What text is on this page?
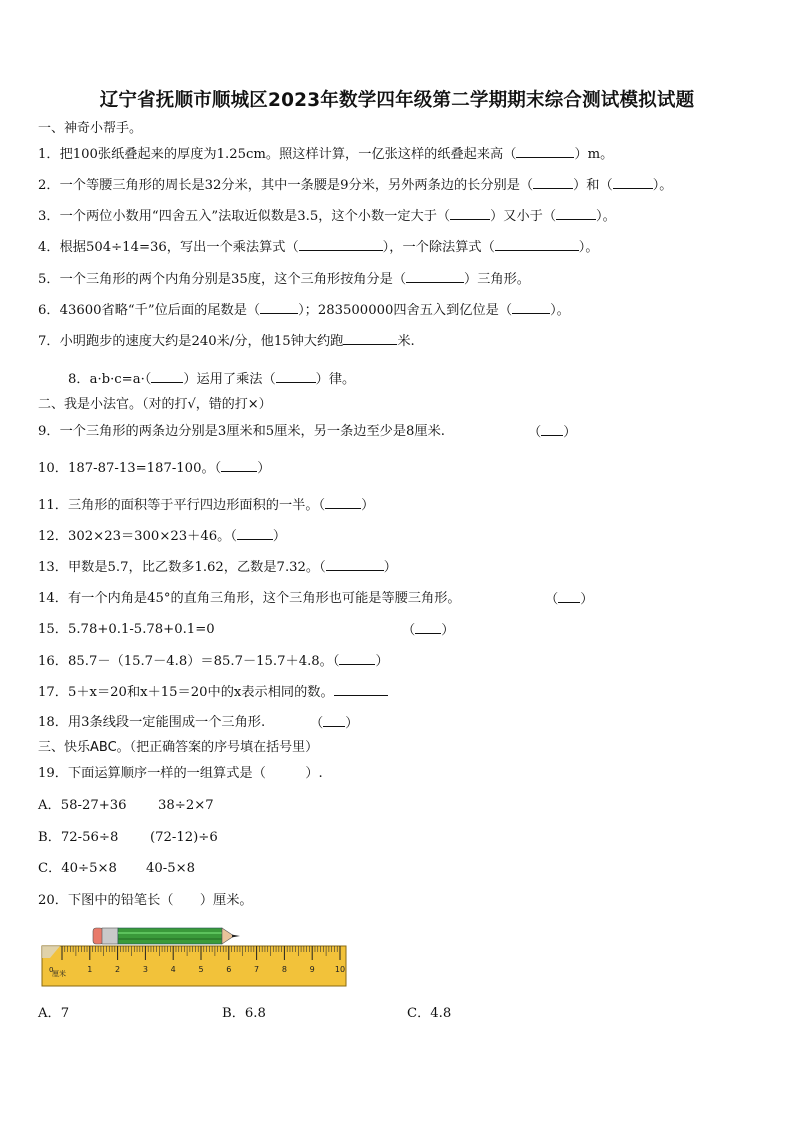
辽宁省抚顺市顺城区2023年数学四年级第二学期期末综合测试模拟试题
一、神奇小帮手。
1．把100张纸叠起来的厚度为1.25cm。照这样计算，一亿张这样的纸叠起来高（	）m。
2．一个等腰三角形的周长是32分米，其中一条腰是9分米，另外两条边的长分别是（	）和（	）。
3．一个两位小数用“四舍五入”法取近似数是3.5，这个小数一定大于（	）又小于（	）。
4．根据504÷14=36，写出一个乘法算式（	），一个除法算式（	）。
5．一个三角形的两个内角分别是35度，这个三角形按角分是（	）三角形。
6．43600省略“千”位后面的尾数是（	）；283500000四舍五入到亿位是（	）。
7．小明跑步的速度大约是240米/分，他15钟大约跑	米.
8．a·b·c=a·（ ）运用了乘法（	）律。
二、我是小法官。（对的打√，错的打×）
9．一个三角形的两条边分别是3厘米和5厘米，另一条边至少是8厘米.	（ ）
10．187-87-13=187-100。（	）
11．三角形的面积等于平行四边形面积的一半。（	）
12．302×23＝300×23＋46。（	）
13．甲数是5.7，比乙数多1.62，乙数是7.32。（	）
14．有一个内角是45°的直角三角形，这个三角形也可能是等腰三角形。	（ ）
15．5.78+0.1-5.78+0.1=0	（ ）
16．85.7－（15.7－4.8）＝85.7－15.7＋4.8。（	）
17．5＋x＝20和x＋15＝20中的x表示相同的数。
18．用3条线段一定能围成一个三角形.	（ ）
三、快乐ABC。（把正确答案的序号填在括号里）
19．下面运算顺序一样的一组算式是（　　　）.
A．58-27+36 38÷2×7
B．72-56÷8 (72-12)÷6
C．40÷5×8 40-5×8
20．下图中的铅笔长（　　）厘米。
1	2	3	4	5	6	7	8	9	10
0
厘米
A．7	B．6.8	C．4.8
